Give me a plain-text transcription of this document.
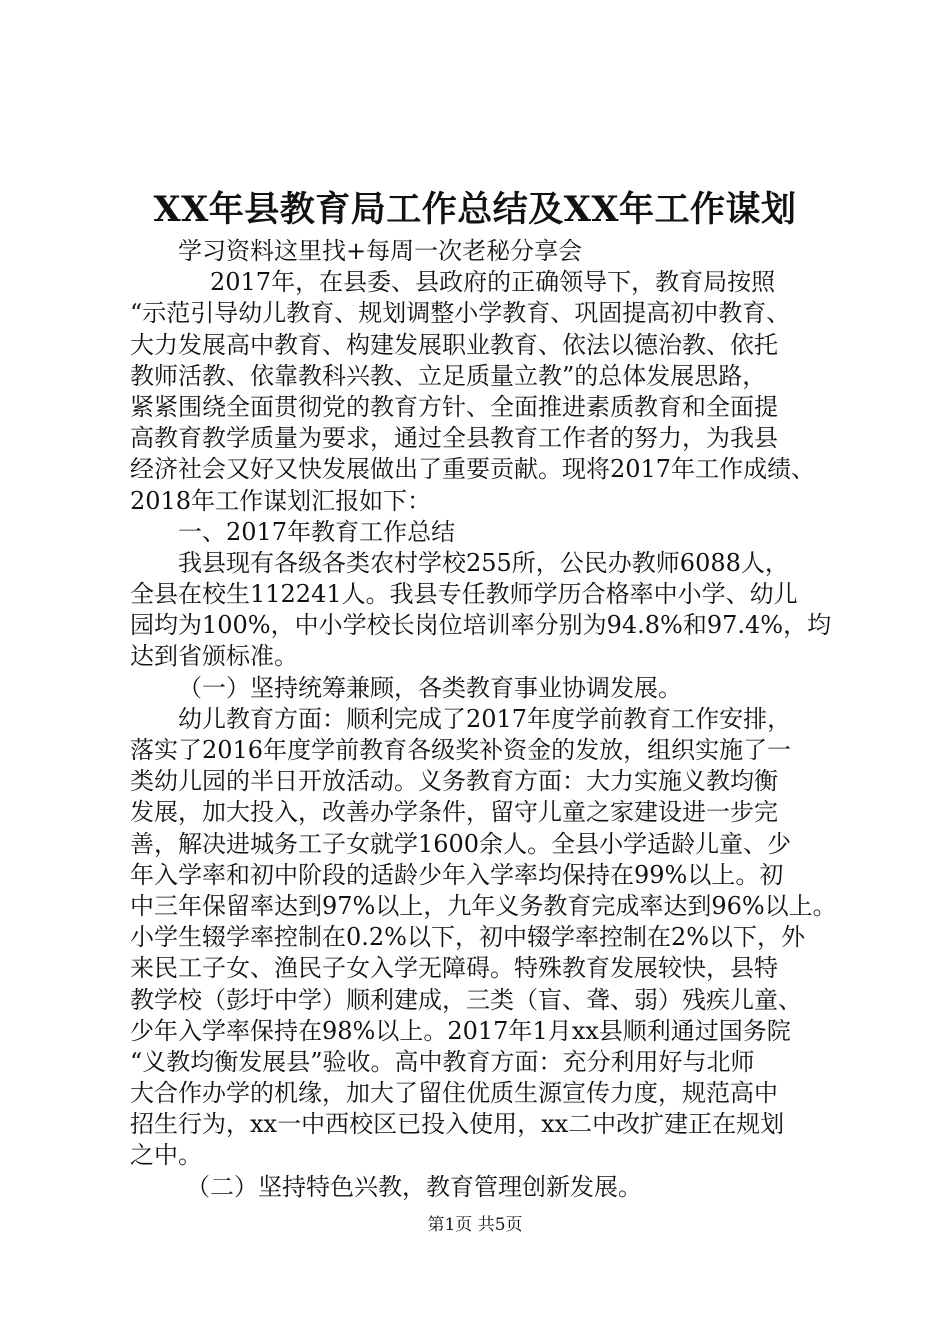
XX年县教育局工作总结及XX年工作谋划
学习资料这里找+每周一次老秘分享会
2017年，在县委、县政府的正确领导下，教育局按照
“示范引导幼儿教育、规划调整小学教育、巩固提高初中教育、
大力发展高中教育、构建发展职业教育、依法以德治教、依托
教师活教、依靠教科兴教、立足质量立教”的总体发展思路，
紧紧围绕全面贯彻党的教育方针、全面推进素质教育和全面提
高教育教学质量为要求，通过全县教育工作者的努力，为我县
经济社会又好又快发展做出了重要贡献。现将2017年工作成绩、
2018年工作谋划汇报如下：
一、2017年教育工作总结
我县现有各级各类农村学校255所，公民办教师6088人，
全县在校生112241人。我县专任教师学历合格率中小学、幼儿
园均为100%，中小学校长岗位培训率分别为94.8%和97.4%，均
达到省颁标准。
（一）坚持统筹兼顾，各类教育事业协调发展。
幼儿教育方面：顺利完成了2017年度学前教育工作安排，
落实了2016年度学前教育各级奖补资金的发放，组织实施了一
类幼儿园的半日开放活动。义务教育方面：大力实施义教均衡
发展，加大投入，改善办学条件，留守儿童之家建设进一步完
善，解决进城务工子女就学1600余人。全县小学适龄儿童、少
年入学率和初中阶段的适龄少年入学率均保持在99%以上。初
中三年保留率达到97%以上，九年义务教育完成率达到96%以上。
小学生辍学率控制在0.2%以下，初中辍学率控制在2%以下，外
来民工子女、渔民子女入学无障碍。特殊教育发展较快，县特
教学校（彭圩中学）顺利建成，三类（盲、聋、弱）残疾儿童、
少年入学率保持在98%以上。2017年1月xx县顺利通过国务院
“义教均衡发展县”验收。高中教育方面：充分利用好与北师
大合作办学的机缘，加大了留住优质生源宣传力度，规范高中
招生行为，xx一中西校区已投入使用，xx二中改扩建正在规划
之中。
（二）坚持特色兴教，教育管理创新发展。
第1页 共5页
